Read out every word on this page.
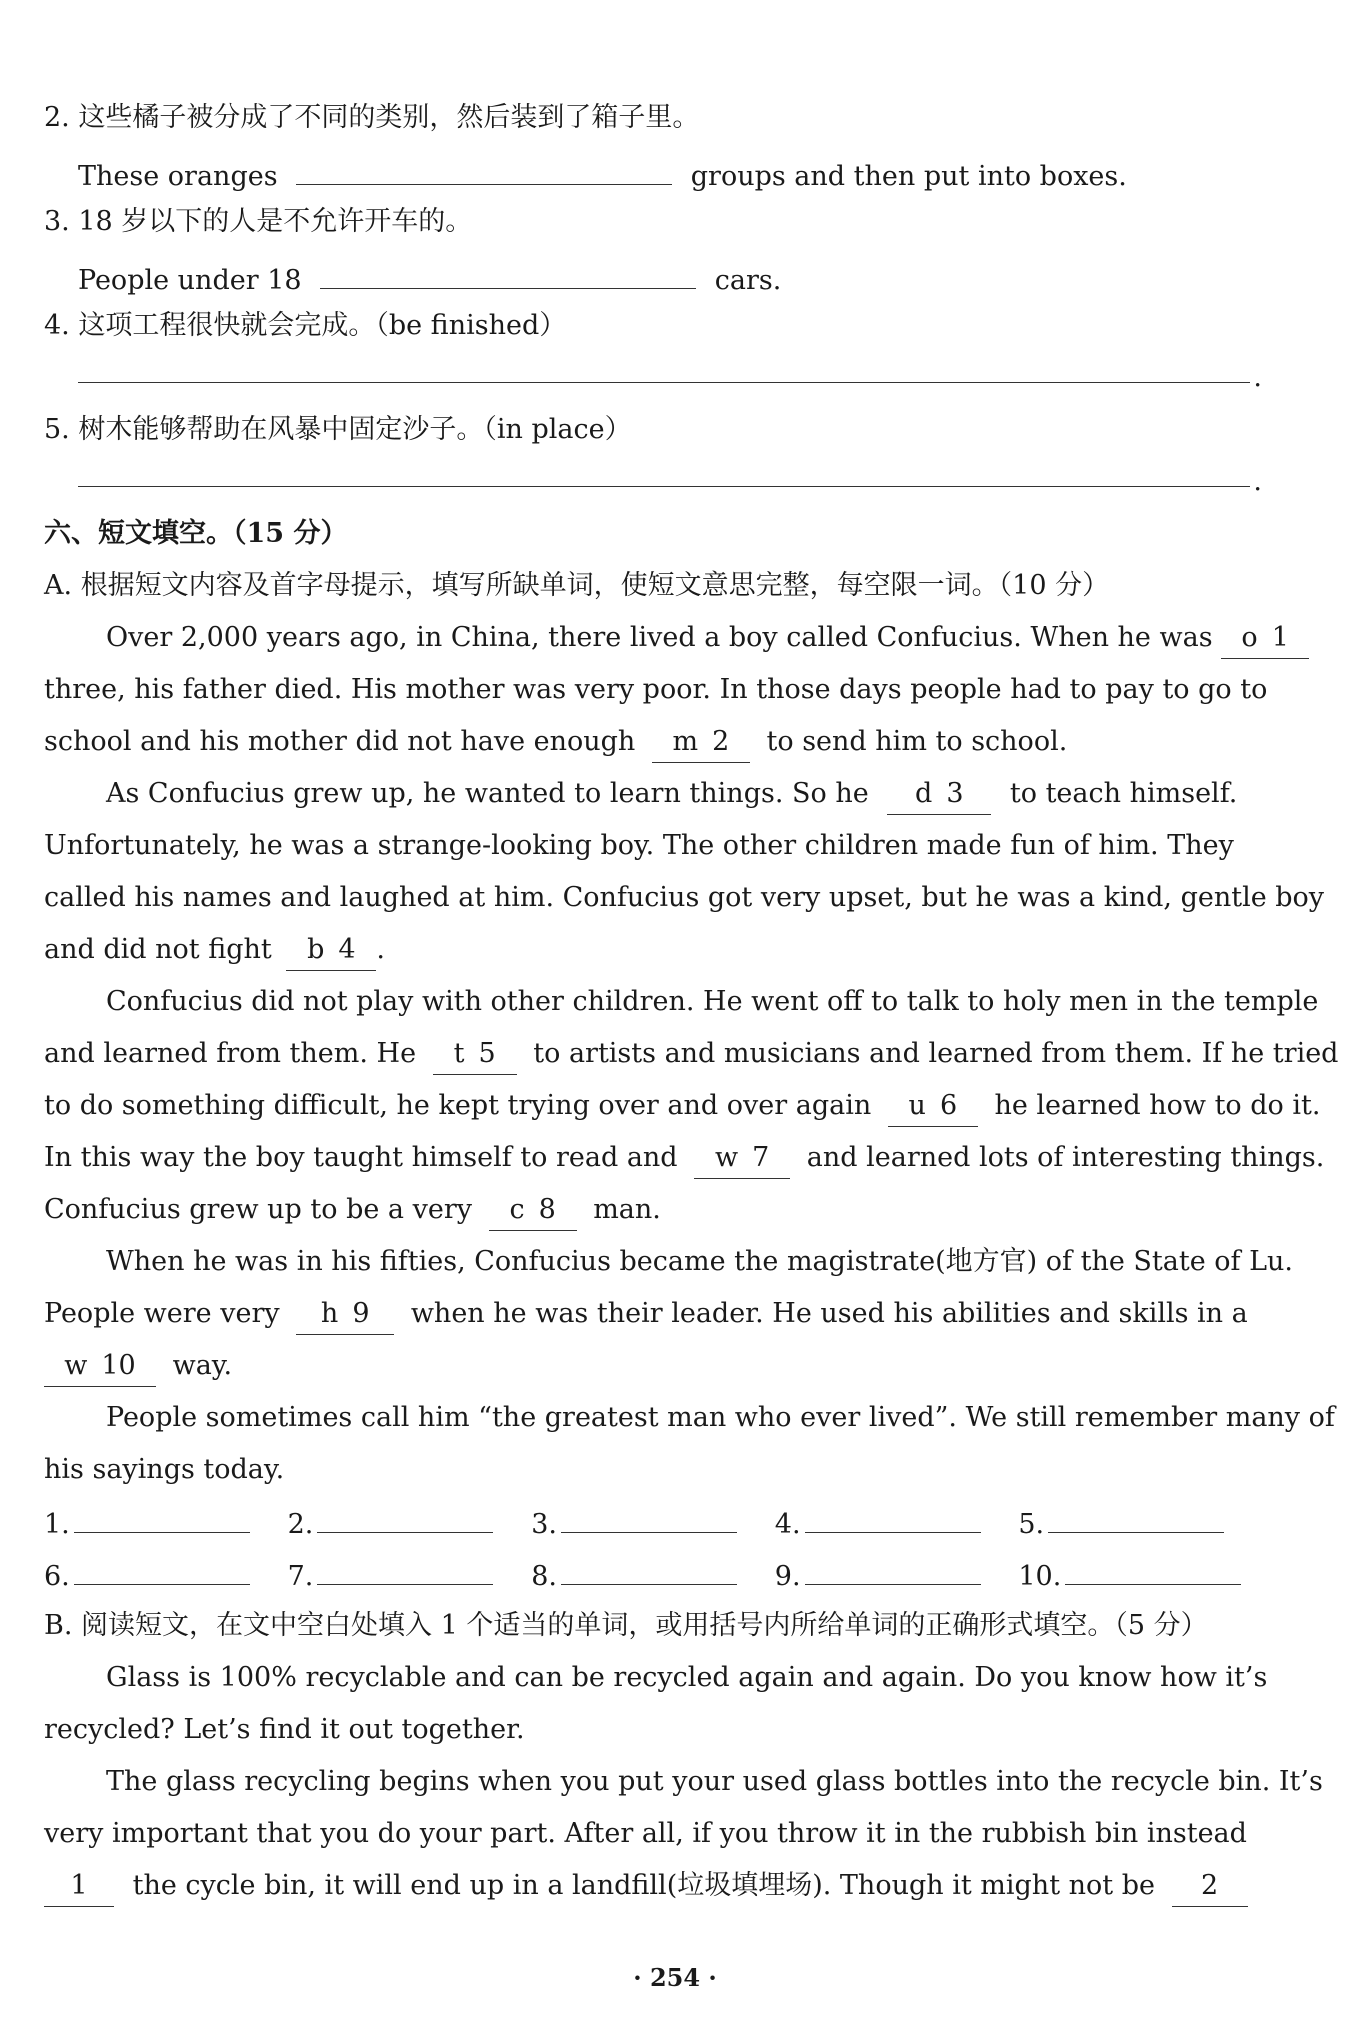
2. 这些橘子被分成了不同的类别，然后装到了箱子里。
These oranges	groups and then put into boxes.
3. 18 岁以下的人是不允许开车的。
People under 18	cars.
4. 这项工程很快就会完成。（be finished）
.
5. 树木能够帮助在风暴中固定沙子。（in place）
.
六、短文填空。（15 分）
A. 根据短文内容及首字母提示，填写所缺单词，使短文意思完整，每空限一词。（10 分）
Over 2,000 years ago, in China, there lived a boy called Confucius. When he was o 1
three, his father died. His mother was very poor. In those days people had to pay to go to
school and his mother did not have enough m 2 to send him to school.
As Confucius grew up, he wanted to learn things. So he d 3 to teach himself.
Unfortunately, he was a strange-looking boy. The other children made fun of him. They
called his names and laughed at him. Confucius got very upset, but he was a kind, gentle boy
and did not fight b 4 .
Confucius did not play with other children. He went off to talk to holy men in the temple
and learned from them. He t 5 to artists and musicians and learned from them. If he tried
to do something difficult, he kept trying over and over again u 6 he learned how to do it.
In this way the boy taught himself to read and w 7 and learned lots of interesting things.
Confucius grew up to be a very c 8 man.
When he was in his fifties, Confucius became the magistrate(地方官) of the State of Lu.
People were very h 9 when he was their leader. He used his abilities and skills in a
w 10 way.
People sometimes call him “the greatest man who ever lived”. We still remember many of
his sayings today.
1.	2.	3.	4.	5.
6.	7.	8.	9.	10.
B. 阅读短文，在文中空白处填入 1 个适当的单词，或用括号内所给单词的正确形式填空。（5 分）
Glass is 100% recyclable and can be recycled again and again. Do you know how it’s
recycled? Let’s find it out together.
The glass recycling begins when you put your used glass bottles into the recycle bin. It’s
very important that you do your part. After all, if you throw it in the rubbish bin instead
1 the cycle bin, it will end up in a landfill(垃圾填埋场). Though it might not be 2
· 254 ·
